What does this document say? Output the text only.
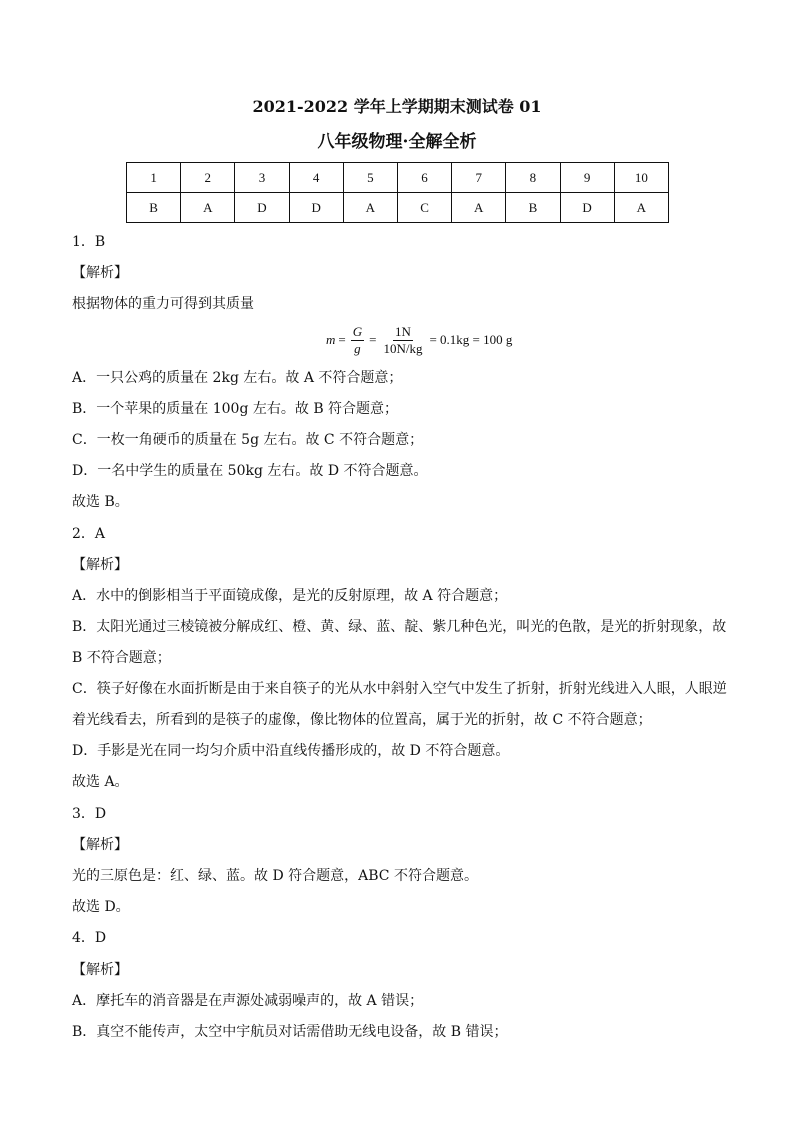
2021-2022 学年上学期期末测试卷 01
八年级物理·全解全析
1	2	3	4	5	6	7	8	9	10
B	A	D	D	A	C	A	B	D	A
1．B
【解析】
根据物体的重力可得到其质量
$m = \frac{G}{g} = \frac{1N}{10N/kg} = 0.1kg = 100$ g
A．一只公鸡的质量在 2kg 左右。故 A 不符合题意；
B．一个苹果的质量在 100g 左右。故 B 符合题意；
C．一枚一角硬币的质量在 5g 左右。故 C 不符合题意；
D．一名中学生的质量在 50kg 左右。故 D 不符合题意。
故选 B。
2．A
【解析】
A．水中的倒影相当于平面镜成像，是光的反射原理，故 A 符合题意；
B．太阳光通过三棱镜被分解成红、橙、黄、绿、蓝、靛、紫几种色光，叫光的色散，是光的折射现象，故
B 不符合题意；
C．筷子好像在水面折断是由于来自筷子的光从水中斜射入空气中发生了折射，折射光线进入人眼，人眼逆
着光线看去，所看到的是筷子的虚像，像比物体的位置高，属于光的折射，故 C 不符合题意；
D．手影是光在同一均匀介质中沿直线传播形成的，故 D 不符合题意。
故选 A。
3．D
【解析】
光的三原色是：红、绿、蓝。故 D 符合题意，ABC 不符合题意。
故选 D。
4．D
【解析】
A．摩托车的消音器是在声源处减弱噪声的，故 A 错误；
B．真空不能传声，太空中宇航员对话需借助无线电设备，故 B 错误；
